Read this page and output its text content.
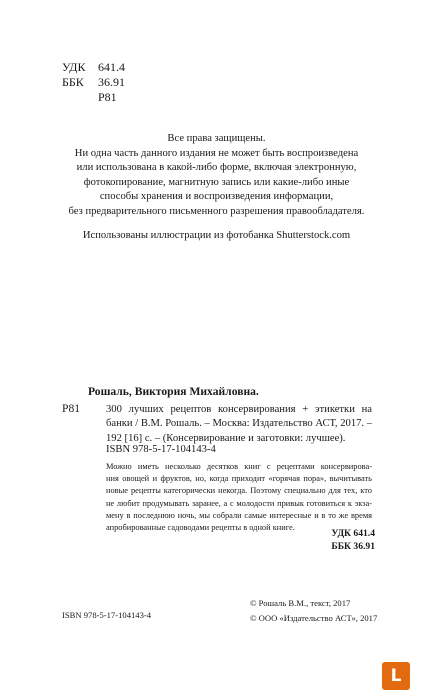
УДК	641.4
ББК	36.91
Р81
Все права защищены.
Ни одна часть данного издания не может быть воспроизведена
или использована в какой-либо форме, включая электронную,
фотокопирование, магнитную запись или какие-либо иные
способы хранения и воспроизведения информации,
без предварительного письменного разрешения правообладателя.
Использованы иллюстрации из фотобанка Shutterstock.com
Рошаль, Виктория Михайловна.
Р81 300 лучших рецептов консервирования + этикетки на
банки / В.М. Рошаль. – Москва: Издательство АСТ, 2017. –
192 [16] с. – (Консервирование и заготовки: лучшее).
ISBN 978-5-17-104143-4
Можно иметь несколько десятков книг с рецептами консервирова-
ния овощей и фруктов, но, когда приходит «горячая пора», вычитывать
новые рецепты категорически некогда. Поэтому специально для тех, кто
не любит продумывать заранее, а с молодости привык готовиться к экза-
мену в последнюю ночь, мы собрали самые интересные и в то же время
апробированные садоводами рецепты в одной книге.
УДК 641.4
ББК 36.91
ISBN 978-5-17-104143-4
© Рошаль В.М., текст, 2017
© ООО «Издательство АСТ», 2017
L
